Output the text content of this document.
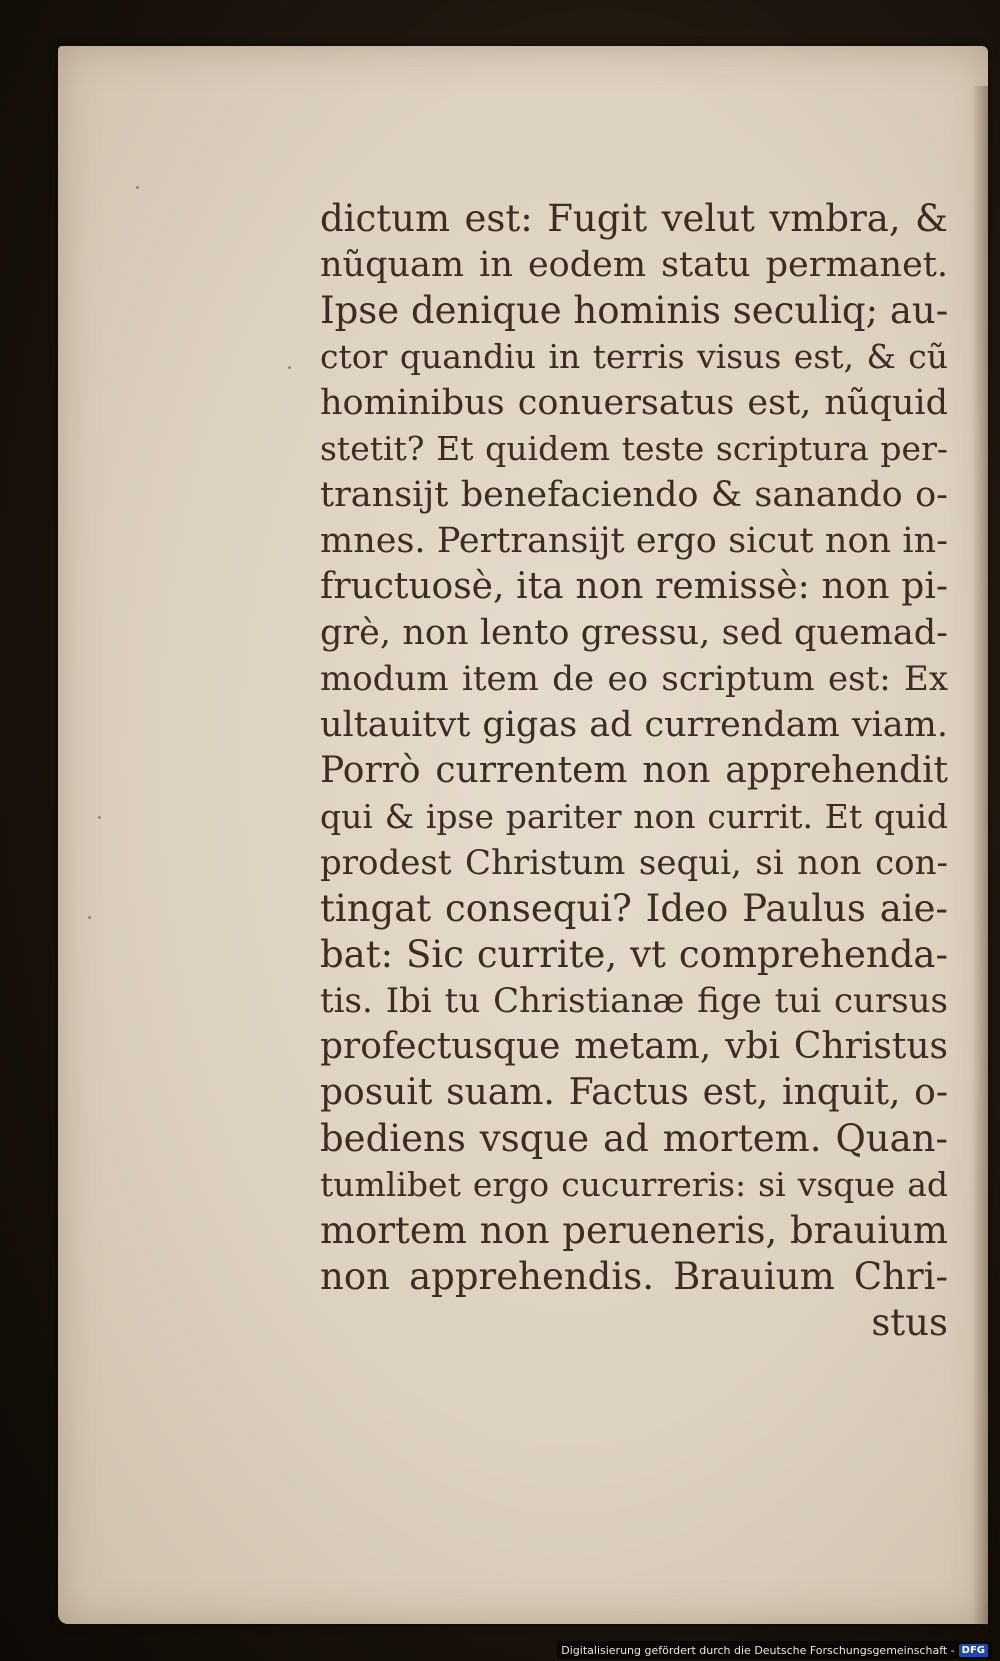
dictum est: Fugit velut vmbra, &
nũquam in eodem statu permanet.
Ipse denique hominis seculiq; au-
ctor quandiu in terris visus est, & cũ
hominibus conuersatus est, nũquid
stetit? Et quidem teste scriptura per-
transijt benefaciendo & sanando o-
mnes. Pertransijt ergo sicut non in-
fructuosè, ita non remissè: non pi-
grè, non lento gressu, sed quemad-
modum item de eo scriptum est: Ex
ultauitvt gigas ad currendam viam.
Porrò currentem non apprehendit
qui & ipse pariter non currit. Et quid
prodest Christum sequi, si non con-
tingat consequi? Ideo Paulus aie-
bat: Sic currite, vt comprehenda-
tis. Ibi tu Christianæ fige tui cursus
profectusque metam, vbi Christus
posuit suam. Factus est, inquit, o-
bediens vsque ad mortem. Quan-
tumlibet ergo cucurreris: si vsque ad
mortem non perueneris, brauium
non apprehendis. Brauium Chri-
stus
Digitalisierung gefördert durch die Deutsche Forschungsgemeinschaft - DFG
